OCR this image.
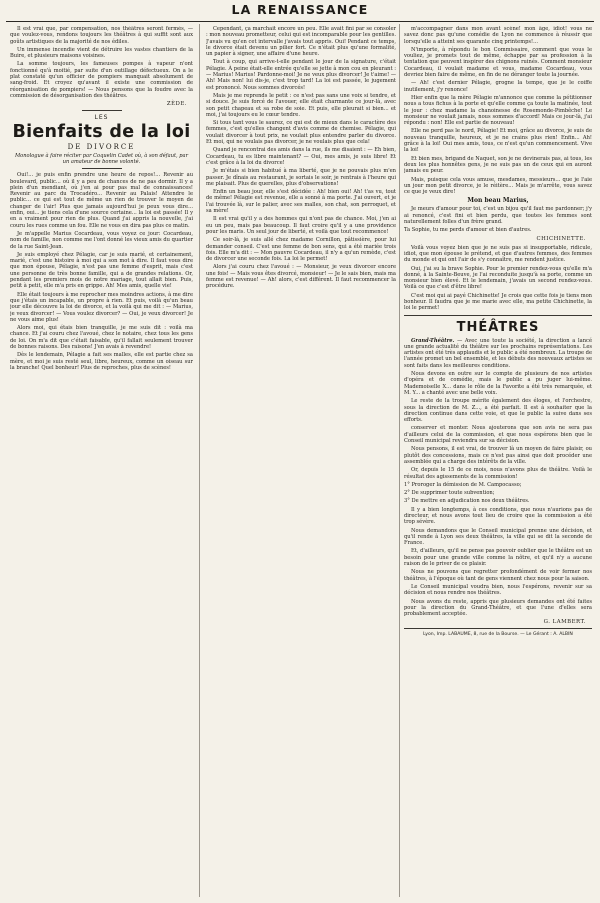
LA RENAISSANCE

Il est vrai que, par compensation, nos théâtres seront fermés, — que voulez-vous, rendons toujours les théâtres à qui suffit sont aux goûts artistiques de la majorité de nos édiles.

Un immense incendie vient de détruire les vastes chantiers de la Buire, et plusieurs maisons voisines.

La somme toujours, les fameuses pompes à vapeur n'ont fonctionné qu'à moitié, par suite d'un outillage défectueux. On a le plat constaté qu'un officier de pompiers manquait absolument de sang-froid. Et croyez qu'avant il existe une commission de réorganisation de pompiers! — Nous pensons que la foudre avec la commission de désorganisation des théâtres.

ZÈDE.
LES
Bienfaits de la loi
DE DIVORCE
Monologue à faire réciter par Coquelin Cadet où, à son défaut, par un amateur de bonne volonté.

Oui!... je puis enfin prendre une heure de repos!... Revenir au boulevard, public... où il y a peu de chances de ne pas dormir. Il y a plein d'un mendiant, où j'en ai pour pas mal de connaissances! Revenir au parc du Trocadéro... Revenir au Palais! Attendre le public... ce qui est tout de même un rien de trouver le moyen de changer de l'air! Plus que jamais aujourd'hui je peux vous dire... enfin, oui... je tiens cela d'une source certaine... la loi est passée! Il y en a vraiment pour rien de plus. Quand j'ai appris la nouvelle, j'ai couru les rues comme un fou. Elle ne vous en dira pas plus ce matin.

Je m'appelle Marius Cocardeau, vous voyez ce jour: Cocardeau, nom de famille, non comme me l'ont donné les vieux amis du quartier de la rue Saint-Jean.

Je suis employé chez Pélagie, car je suis marié, et certainement, marié, c'est une histoire à moi qui a son mot à dire. Il faut vous dire que mon épouse, Pélagie, n'est pas une femme d'esprit, mais c'est une personne de très bonne famille, qui a de grandes relations. Or, pendant les premiers mois de notre mariage, tout allait bien. Puis, petit à petit, elle m'a pris en grippe. Ah! Mes amis, quelle vie!

Elle était toujours à me reprocher mes moindres actions, à me dire que j'étais un incapable, un propre à rien. Et puis, voilà qu'un beau jour elle découvre la loi de divorce, et la voilà qui me dit : — Marius, je veux divorcer! — Vous voulez divorcer? — Oui, je veux divorcer! Je ne vous aime plus!

Alors moi, qui étais bien tranquille, je me suis dit : voilà ma chance. Et j'ai couru chez l'avoué, chez le notaire, chez tous les gens de loi. On m'a dit que c'était faisable, qu'il fallait seulement trouver de bonnes raisons. Des raisons! J'en avais à revendre!

Dès le lendemain, Pélagie a fait ses malles, elle est partie chez sa mère, et moi je suis resté seul, libre, heureux, comme un oiseau sur la branche! Quel bonheur! Plus de reproches, plus de scènes!

Cependant, ça marchait encore un peu. Elle avait fini par se consoler : mon nouveau prometteur, celui qui est incomparable pour les gentilles. J'avais vu qu'en cet intervalle j'avais tout appris. Oui! Pendant ce temps, le divorce était devenu un pilier fort. Ce n'était plus qu'une formalité, un papier à signer, une affaire d'une heure.

Tout à coup, qui arrive-t-elle pendant le jour de la signature, c'était Pélagie. À peine était-elle entrée qu'elle se jette à mon cou en pleurant : — Marius! Marius! Pardonne-moi! Je ne veux plus divorcer! Je t'aime! — Ah! Mais non! lui dis-je, c'est trop tard! La loi est passée, le jugement est prononcé. Nous sommes divorcés!

Mais je me reprends le petit : ce n'est pas sans une voix si tendre, et si douce. Je suis forcé de l'avouer, elle était charmante ce jour-là, avec son petit chapeau et sa robe de soie. Et puis, elle pleurait si bien... et moi, j'ai toujours eu le cœur tendre.

Si tous tant vous le saurez, ce qui est de mieux dans le caractère des femmes, c'est qu'elles changent d'avis comme de chemise. Pélagie, qui voulait divorcer à tout prix, ne voulait plus entendre parler du divorce. Et moi, qui ne voulais pas divorcer, je ne voulais plus que cela!

Quand je rencontrai des amis dans la rue, ils me disaient : — Eh bien, Cocardeau, tu es libre maintenant? — Oui, mes amis, je suis libre! Et c'est grâce à la loi du divorce!

Je m'étais si bien habitué à ma liberté, que je ne pouvais plus m'en passer. Je dînais au restaurant, je sortais le soir, je rentrais à l'heure qui me plaisait. Plus de querelles, plus d'observations!

Enfin un beau jour, elle s'est décidée : Ah! bien oui! Ah! t'as vu, tout de même! Pélagie est revenue, elle a sonné à ma porte. J'ai ouvert, et je l'ai trouvée là, sur le palier, avec ses malles, son chat, son perroquet, et sa mère!

Il est vrai qu'il y a des hommes qui n'ont pas de chance. Moi, j'en ai eu un peu, mais pas beaucoup. Il faut croire qu'il y a une providence pour les maris. Un seul jour de liberté, et voilà que tout recommence!

Ce soir-là, je suis allé chez madame Cornillon, pâtissière, pour lui demander conseil. C'est une femme de bon sens, qui a été mariée trois fois. Elle m'a dit : — Mon pauvre Cocardeau, il n'y a qu'un remède, c'est de divorcer une seconde fois. La loi le permet!

Alors j'ai couru chez l'avoué : — Monsieur, je veux divorcer encore une fois! — Mais vous êtes divorcé, monsieur! — Je le sais bien, mais ma femme est revenue! — Ah! alors, c'est différent. Il faut recommencer la procédure.

m'accompagner dans mon avant scène! mon âge, idiot! vous ne savez donc pas qu'une comédie de Lyon ne commence à réussir que lorsqu'elle a atteint ses quarante cinq printemps!...

N'importe, à répondu le bon Commissaire, comment que vous le vouliez, je promets tout de même, échappe par sa profession à la tentation que peuvent inspirer des chignons ruinés. Comment monsieur Cocardeau, il voulait madame et vous, madame Cocardeau, vous devriez bien faire de même, en fin de ne déranger toute la journée.

— Ah! c'est dernier Pélagie, grogne la tempe, que je le coiffe inutilement, j'y renonce!

Hier enfin que la mère Pélagie m'annonce que comme la pétitionner nous a tous fichus à la porte et qu'elle comme ça toute la matinée, tout le jour : chez madame la chanoinesse de Rosemonde-Pimbêche! Le monsieur ne voulait jamais, nous sommes d'accord! Mais ce jour-là, j'ai répondu : non! Elle est partie de nouveau!

Elle ne perd pas le nord, Pélagie! Et moi, grâce au divorce, je suis de nouveau tranquille, heureux, et je ne crains plus rien! Enfin... Ah! grâce à la loi! Oui mes amis, tous, ce n'est qu'un commencement. Vive la loi!

Et bien mes, brigand de Naquet, son je ne devinerais pas, ai tous, les deux les plus honnêtes gens, je ne suis pas un de ceux qui en auront jamais eu peur.

Mais, puisque cela vous amuse, mesdames, messieurs... que je l'aie un jour mon petit divorce, je le réitère... Mais je m'arrête, vous savez ce que je veux dire!

Mon beau Marius,

Je meurs d'amour pour toi, c'est un bijou qu'il faut me pardonner; j'y ai renoncé, c'est fini et bien perdu, que toutes les femmes sont naturellement folles d'un frère grand.

Ta Sophie, tu me perds d'amour et bien d'autres.

CHICHINETTE.

Voilà vous voyez bien que je ne suis pas si insupportable, ridicule, idiot, que mon épouse le prétend, et que d'autres femmes, des femmes du monde et qui ont l'air de s'y connaître, me rendent justice.

Oui, j'ai su la brave Sophie. Pour le premier rendez-vous qu'elle m'a donné, à la Sainte-Beuve, je l'ai reconduite jusqu'à sa porte, comme un monsieur bien élevé. Et le lendemain, j'avais un second rendez-vous. Voilà ce que c'est d'être libre!

C'est moi qui ai payé Chichinette! Je crois que cette fois je tiens mon bonheur. Il faudra que je me marie avec elle, ma petite Chichinette, la loi le permet!

THÉÂTRES

Grand-Théâtre. — Avec une toute la société, la direction a lancé une grande actualité du théâtre sur les prochains représentations. Les artistes ont été très applaudis et le public a été nombreux. La troupe de l'année promet un bel ensemble, et les débuts des nouveaux artistes se sont faits dans les meilleures conditions.

Nous devons en outre sur le compte de plusieurs de nos artistes d'opéra et de comédie, mais le public a pu juger lui-même. Mademoiselle X... dans le rôle de la Favorite a été très remarquée, et M. Y... a chanté avec une belle voix.

Le reste de la troupe mérite également des éloges, et l'orchestre, sous la direction de M. Z..., a été parfait. Il est à souhaiter que la direction continue dans cette voie, et que le public la suive dans ses efforts.

conserver et monter. Nous ajouterons que son avis ne sera pas d'ailleurs celui de la commission, et que nous espérons bien que le Conseil municipal reviendra sur sa décision.

Nous pensons, il est vrai, de trouver là un moyen de faire plaisir, ou plutôt des concessions, mais ce n'est pas ainsi que doit procéder une assemblée qui a charge des intérêts de la ville.

Or, depuis le 15 de ce mois, nous n'avons plus de théâtre. Voilà le résultat des agissements de la commission!

1° Proroger la démission de M. Campocasso;

2° De supprimer toute subvention;

3° De mettre en adjudication nos deux théâtres.

Il y a bien longtemps, à ces conditions, que nous n'aurions pas de directeur, et nous avons tout lieu de croire que la commission a été trop sévère.

Nous demandons que le Conseil municipal prenne une décision, et qu'il rende à Lyon ses deux théâtres, la ville qui se dit la seconde de France.

Et, d'ailleurs, qu'il ne pense pas pouvoir oublier que le théâtre est un besoin pour une grande ville comme la nôtre, et qu'il n'y a aucune raison de le priver de ce plaisir.

Nous ne pouvons que regretter profondément de voir fermer nos théâtres, à l'époque où tant de gens viennent chez nous pour la saison.

Le Conseil municipal voudra bien, nous l'espérons, revenir sur sa décision et nous rendre nos théâtres.

Nous avons du reste, appris que plusieurs demandes ont été faites pour la direction du Grand-Théâtre, et que l'une d'elles sera probablement acceptée.

G. LAMBERT.
Lyon, Imp. LABAUME, 8, rue de la Bourse. — Le Gérant : A. ALBIN
